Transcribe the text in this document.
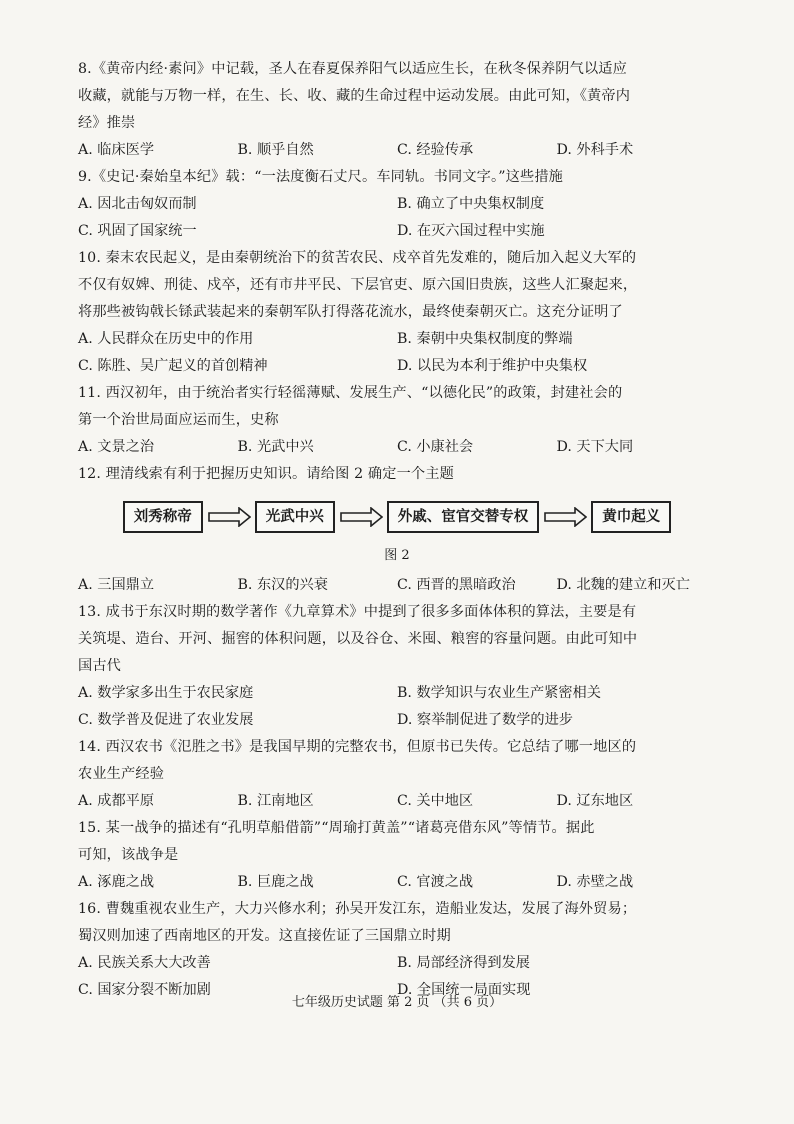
8.《黄帝内经·素问》中记载，圣人在春夏保养阳气以适应生长，在秋冬保养阴气以适应

收藏，就能与万物一样，在生、长、收、藏的生命过程中运动发展。由此可知，《黄帝内

经》推崇

A. 临床医学	B. 顺乎自然	C. 经验传承	D. 外科手术

9.《史记·秦始皇本纪》载：“一法度衡石丈尺。车同轨。书同文字。”这些措施

A. 因北击匈奴而制	B. 确立了中央集权制度
C. 巩固了国家统一	D. 在灭六国过程中实施

10. 秦末农民起义，是由秦朝统治下的贫苦农民、戍卒首先发难的，随后加入起义大军的

不仅有奴婢、刑徒、戍卒，还有市井平民、下层官吏、原六国旧贵族，这些人汇聚起来，

将那些被钩戟长铩武装起来的秦朝军队打得落花流水，最终使秦朝灭亡。这充分证明了

A. 人民群众在历史中的作用	B. 秦朝中央集权制度的弊端
C. 陈胜、吴广起义的首创精神	D. 以民为本利于维护中央集权

11. 西汉初年，由于统治者实行轻徭薄赋、发展生产、“以德化民”的政策，封建社会的

第一个治世局面应运而生，史称

A. 文景之治	B. 光武中兴	C. 小康社会	D. 天下大同

12. 理清线索有利于把握历史知识。请给图 2 确定一个主题

刘秀称帝	光武中兴	外戚、宦官交替专权	黄巾起义
图 2
A. 三国鼎立	B. 东汉的兴衰	C. 西晋的黑暗政治	D. 北魏的建立和灭亡

13. 成书于东汉时期的数学著作《九章算术》中提到了很多多面体体积的算法，主要是有

关筑堤、造台、开河、掘窖的体积问题，以及谷仓、米囤、粮窖的容量问题。由此可知中

国古代

A. 数学家多出生于农民家庭	B. 数学知识与农业生产紧密相关
C. 数学普及促进了农业发展	D. 察举制促进了数学的进步

14. 西汉农书《氾胜之书》是我国早期的完整农书，但原书已失传。它总结了哪一地区的

农业生产经验

A. 成都平原	B. 江南地区	C. 关中地区	D. 辽东地区

15. 某一战争的描述有“孔明草船借箭”“周瑜打黄盖”“诸葛亮借东风”等情节。据此

可知，该战争是

A. 涿鹿之战	B. 巨鹿之战	C. 官渡之战	D. 赤壁之战

16. 曹魏重视农业生产，大力兴修水利；孙吴开发江东，造船业发达，发展了海外贸易；

蜀汉则加速了西南地区的开发。这直接佐证了三国鼎立时期

A. 民族关系大大改善	B. 局部经济得到发展
C. 国家分裂不断加剧	D. 全国统一局面实现
七年级历史试题 第 2 页 （共 6 页）
